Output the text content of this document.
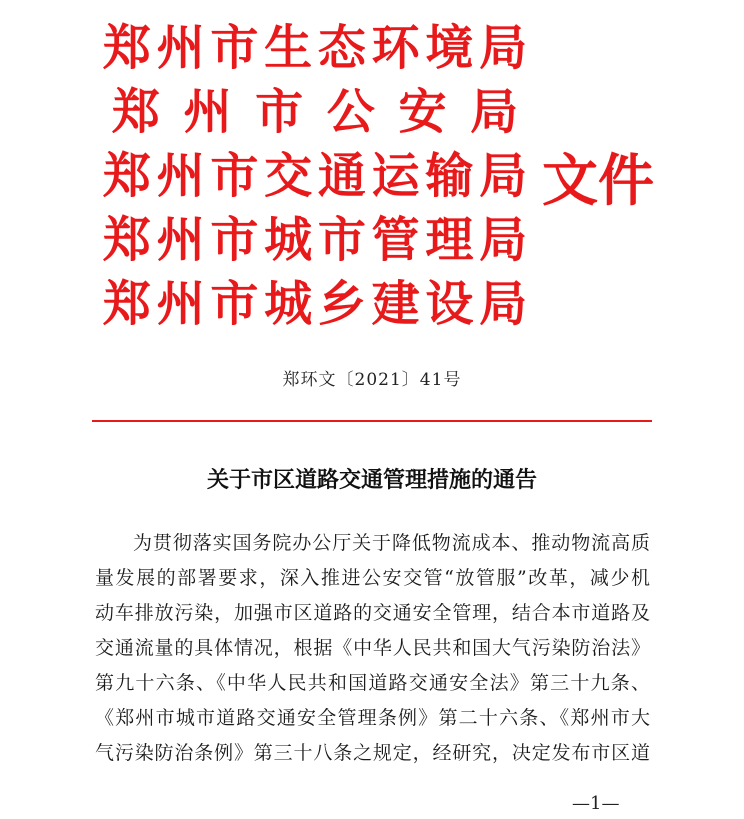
郑 州 市 生 态 环 境 局
郑 州 市 公 安 局
郑 州 市 交 通 运 输 局
郑 州 市 城 市 管 理 局
郑 州 市 城 乡 建 设 局
文件
郑环文〔2021〕41号
关于市区道路交通管理措施的通告
为贯彻落实国务院办公厅关于降低物流成本、推动物流高质
量发展的部署要求，深入推进公安交管“放管服”改革，减少机
动车排放污染，加强市区道路的交通安全管理，结合本市道路及
交通流量的具体情况，根据《中华人民共和国大气污染防治法》
第九十六条、《中华人民共和国道路交通安全法》第三十九条、
《郑州市城市道路交通安全管理条例》第二十六条、《郑州市大
气污染防治条例》第三十八条之规定，经研究，决定发布市区道
—1—
